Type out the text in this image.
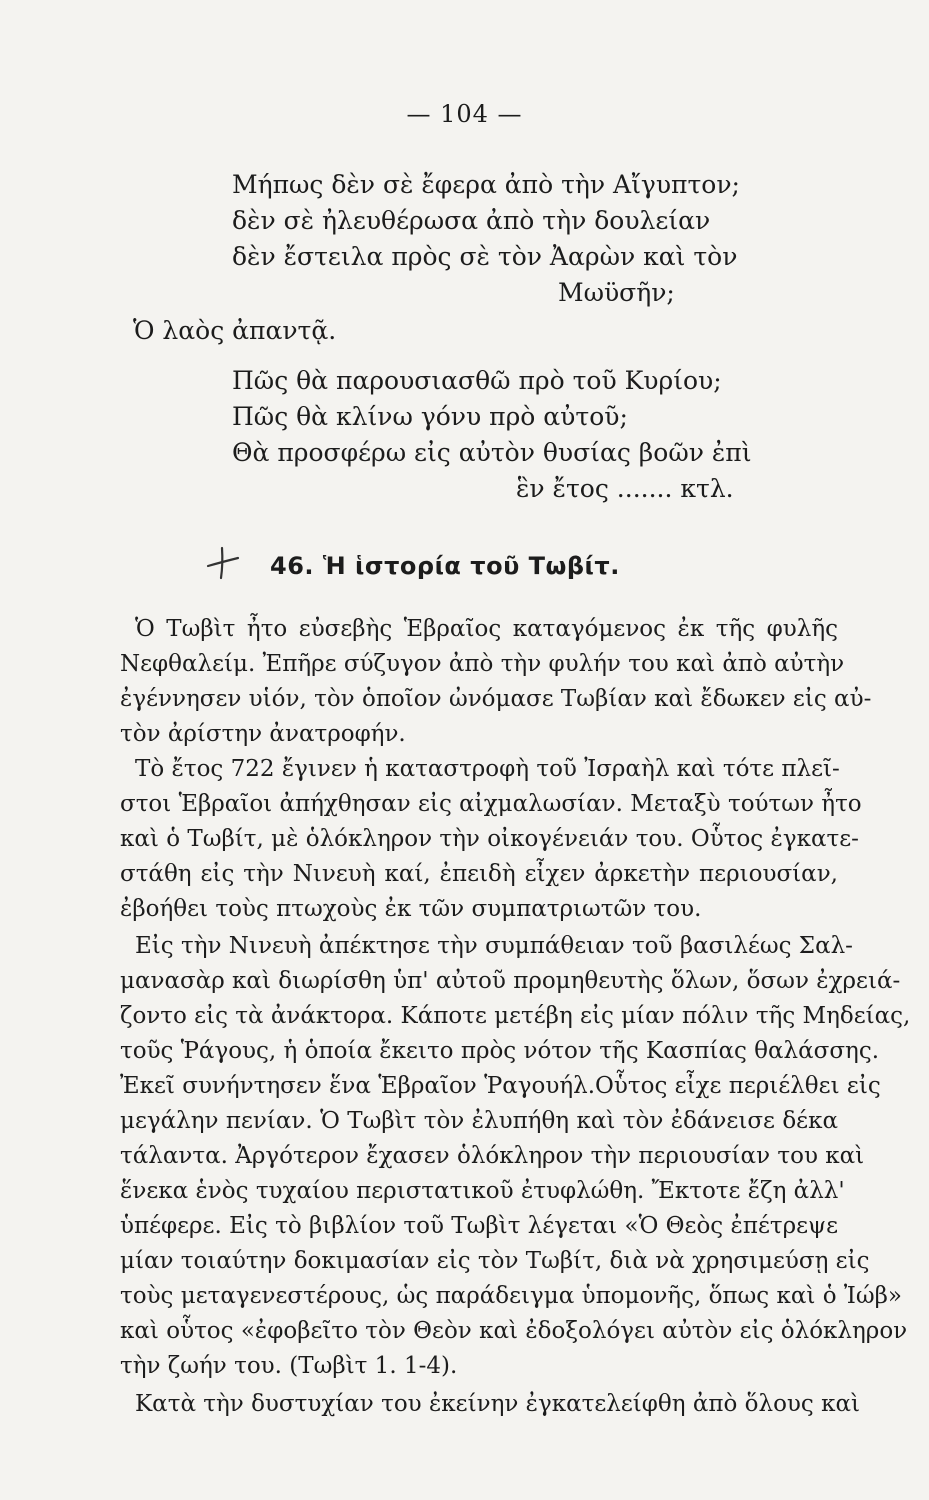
— 104 —
Μήπως δὲν σὲ ἔφερα ἀπὸ τὴν Αἴγυπτον;
δὲν σὲ ἠλευθέρωσα ἀπὸ τὴν δουλείαν
δὲν ἔστειλα πρὸς σὲ τὸν Ἀαρὼν καὶ τὸν
Μωϋσῆν;
Ὁ λαὸς ἀπαντᾷ.
Πῶς θὰ παρουσιασθῶ πρὸ τοῦ Κυρίου;
Πῶς θὰ κλίνω γόνυ πρὸ αὐτοῦ;
Θὰ προσφέρω εἰς αὐτὸν θυσίας βοῶν ἐπὶ
ἓν ἔτος ....... κτλ.
46. Ἡ ἱστορία τοῦ Τωβίτ.
Ὁ Τωβὶτ ἦτο εὐσεβὴς Ἑβραῖος καταγόμενος ἐκ τῆς φυλῆς
Νεφθαλείμ. Ἐπῆρε σύζυγον ἀπὸ τὴν φυλήν του καὶ ἀπὸ αὐτὴν
ἐγέννησεν υἱόν, τὸν ὁποῖον ὠνόμασε Τωβίαν καὶ ἔδωκεν εἰς αὐ-
τὸν ἀρίστην ἀνατροφήν.
Τὸ ἔτος 722 ἔγινεν ἡ καταστροφὴ τοῦ Ἰσραὴλ καὶ τότε πλεῖ-
στοι Ἑβραῖοι ἀπήχθησαν εἰς αἰχμαλωσίαν. Μεταξὺ τούτων ἦτο
καὶ ὁ Τωβίτ, μὲ ὁλόκληρον τὴν οἰκογένειάν του. Οὗτος ἐγκατε-
στάθη εἰς τὴν Νινευὴ καί, ἐπειδὴ εἶχεν ἀρκετὴν περιουσίαν,
ἐβοήθει τοὺς πτωχοὺς ἐκ τῶν συμπατριωτῶν του.
Εἰς τὴν Νινευὴ ἀπέκτησε τὴν συμπάθειαν τοῦ βασιλέως Σαλ-
μανασὰρ καὶ διωρίσθη ὑπ' αὐτοῦ προμηθευτὴς ὅλων, ὅσων ἐχρειά-
ζοντο εἰς τὰ ἀνάκτορα. Κάποτε μετέβη εἰς μίαν πόλιν τῆς Μηδείας,
τοῦς Ῥάγους, ἡ ὁποία ἔκειτο πρὸς νότον τῆς Κασπίας θαλάσσης.
Ἐκεῖ συνήντησεν ἕνα Ἑβραῖον Ῥαγουήλ.Οὗτος εἶχε περιέλθει εἰς
μεγάλην πενίαν. Ὁ Τωβὶτ τὸν ἐλυπήθη καὶ τὸν ἐδάνεισε δέκα
τάλαντα. Ἀργότερον ἔχασεν ὁλόκληρον τὴν περιουσίαν του καὶ
ἕνεκα ἑνὸς τυχαίου περιστατικοῦ ἐτυφλώθη. Ἔκτοτε ἔζη ἀλλ'
ὑπέφερε. Εἰς τὸ βιβλίον τοῦ Τωβὶτ λέγεται «Ὁ Θεὸς ἐπέτρεψε
μίαν τοιαύτην δοκιμασίαν εἰς τὸν Τωβίτ, διὰ νὰ χρησιμεύσῃ εἰς
τοὺς μεταγενεστέρους, ὡς παράδειγμα ὑπομονῆς, ὅπως καὶ ὁ Ἰώβ»
καὶ οὗτος «ἐφοβεῖτο τὸν Θεὸν καὶ ἐδοξολόγει αὐτὸν εἰς ὁλόκληρον
τὴν ζωήν του. (Τωβὶτ 1. 1-4).
Κατὰ τὴν δυστυχίαν του ἐκείνην ἐγκατελείφθη ἀπὸ ὅλους καὶ
